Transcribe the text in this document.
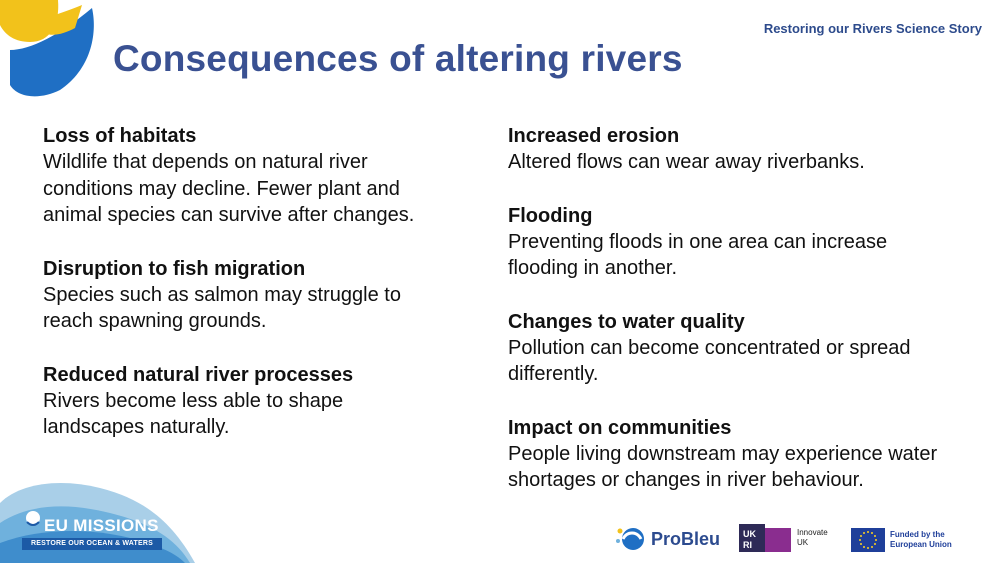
Restoring our Rivers Science Story
Consequences of altering rivers
Loss of habitats

Wildlife that depends on natural river conditions may decline. Fewer plant and animal species can survive after changes.

Disruption to fish migration

Species such as salmon may struggle to reach spawning grounds.

Reduced natural river processes

Rivers become less able to shape landscapes naturally.

Increased erosion

Altered flows can wear away riverbanks.

Flooding

Preventing floods in one area can increase flooding in another.

Changes to water quality

Pollution can become concentrated or spread differently.

Impact on communities

People living downstream may experience water shortages or changes in river behaviour.

EU MISSIONS
RESTORE OUR OCEAN & WATERS	ProBleu	UK
RI
Innovate UK
Funded by the European Union
